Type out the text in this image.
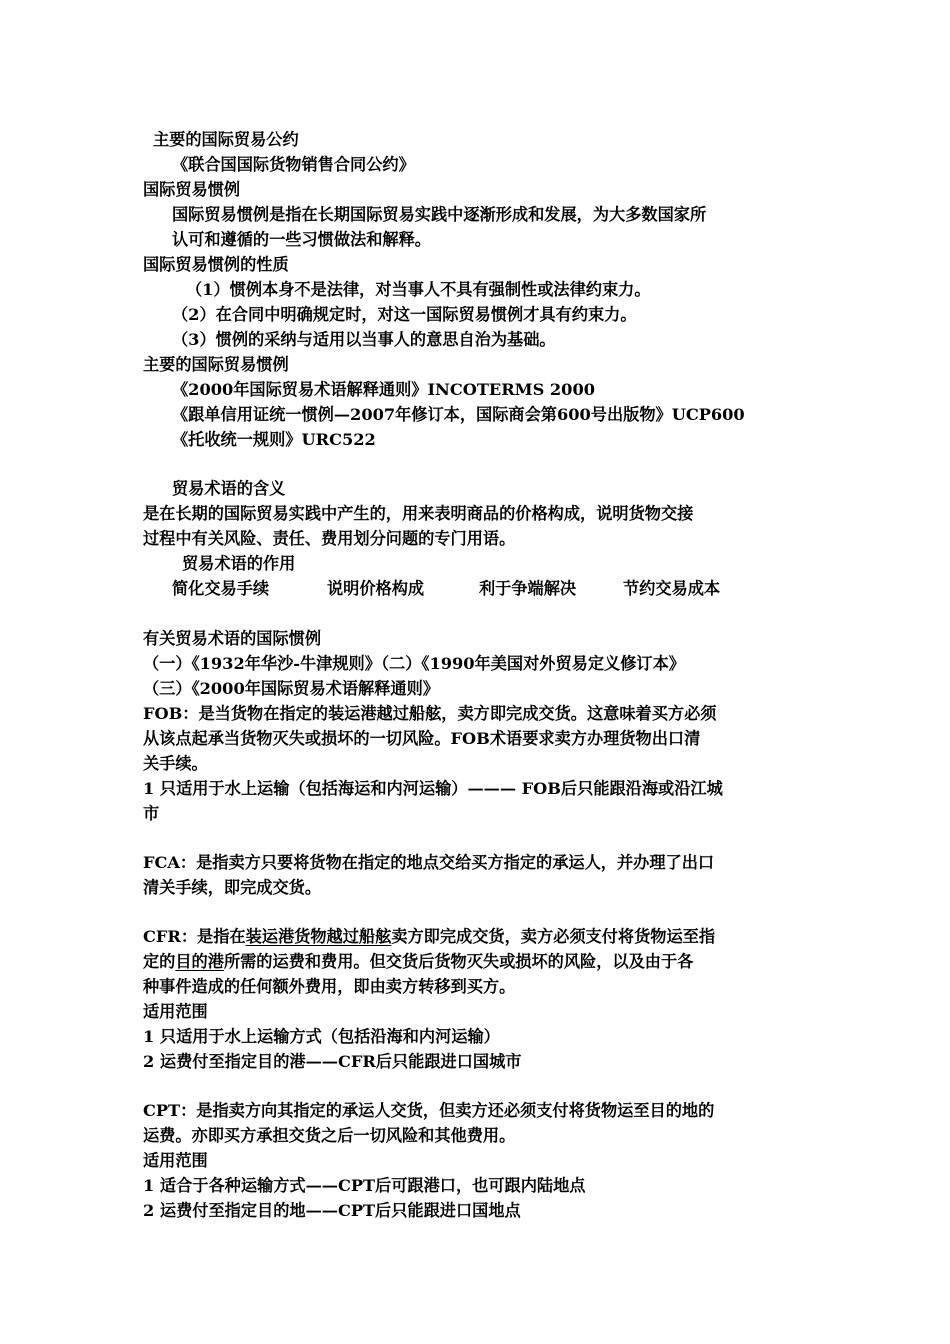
主要的国际贸易公约
《联合国国际货物销售合同公约》
国际贸易惯例
国际贸易惯例是指在长期国际贸易实践中逐渐形成和发展，为大多数国家所
认可和遵循的一些习惯做法和解释。
国际贸易惯例的性质
（1）惯例本身不是法律，对当事人不具有强制性或法律约束力。
（2）在合同中明确规定时，对这一国际贸易惯例才具有约束力。
（3）惯例的采纳与适用以当事人的意思自治为基础。
主要的国际贸易惯例
《2000年国际贸易术语解释通则》INCOTERMS 2000
《跟单信用证统一惯例—2007年修订本，国际商会第600号出版物》UCP600
《托收统一规则》URC522
贸易术语的含义
是在长期的国际贸易实践中产生的，用来表明商品的价格构成，说明货物交接
过程中有关风险、责任、费用划分问题的专门用语。
贸易术语的作用
简化交易手续	说明价格构成	利于争端解决	节约交易成本
有关贸易术语的国际惯例
（一）《1932年华沙-牛津规则》（二）《1990年美国对外贸易定义修订本》
（三）《2000年国际贸易术语解释通则》
FOB：是当货物在指定的装运港越过船舷，卖方即完成交货。这意味着买方必须
从该点起承当货物灭失或损坏的一切风险。FOB术语要求卖方办理货物出口清
关手续。
1 只适用于水上运输（包括海运和内河运输）——— FOB后只能跟沿海或沿江城
市
FCA：是指卖方只要将货物在指定的地点交给买方指定的承运人，并办理了出口
清关手续，即完成交货。
CFR：是指在装运港货物越过船舷卖方即完成交货，卖方必须支付将货物运至指
定的目的港所需的运费和费用。但交货后货物灭失或损坏的风险，以及由于各
种事件造成的任何额外费用，即由卖方转移到买方。
适用范围
1 只适用于水上运输方式（包括沿海和内河运输）
2 运费付至指定目的港——CFR后只能跟进口国城市
CPT：是指卖方向其指定的承运人交货，但卖方还必须支付将货物运至目的地的
运费。亦即买方承担交货之后一切风险和其他费用。
适用范围
1 适合于各种运输方式——CPT后可跟港口，也可跟内陆地点
2 运费付至指定目的地——CPT后只能跟进口国地点
